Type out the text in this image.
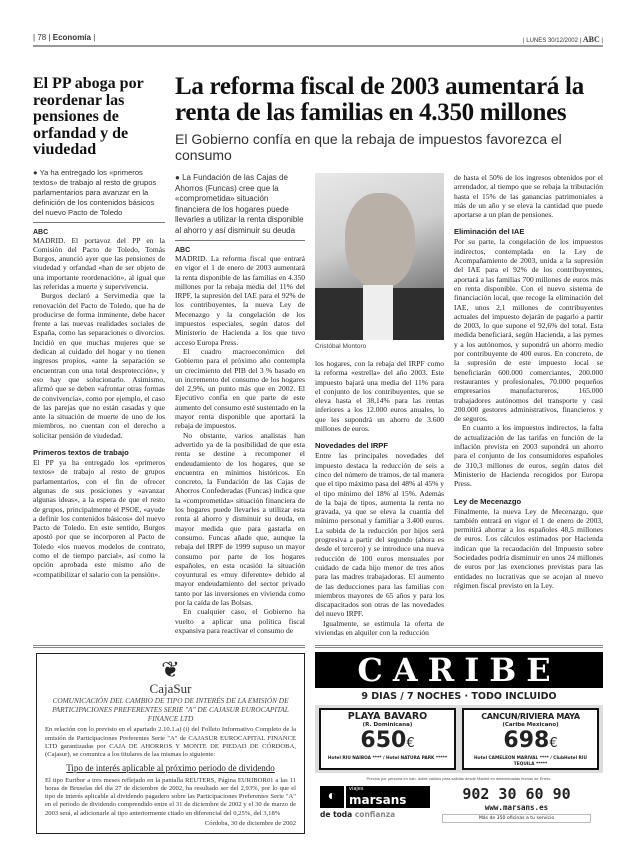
| 78 | Economía |	| LUNES 30/12/2002 | ABC |
El PP aboga por reordenar las pensiones de orfandad y de viudedad
● Ya ha entregado los «primeros textos» de trabajo al resto de grupos parlamentarios para avanzar en la definición de los contenidos básicos del nuevo Pacto de Toledo
ABC

MADRID. El portavoz del PP en la Comisión del Pacto de Toledo, Tomás Burgos, anunció ayer que las pensiones de viudedad y orfandad «han de ser objeto de una importante reordenación», al igual que las referidas a muerte y supervivencia.

Burgos declaró a Servimedia que la renovación del Pacto de Toledo, que ha de producirse de forma inminente, debe hacer frente a las nuevas realidades sociales de España, como las separaciones o divorcios. Incidió en que muchas mujeres que se dedican al cuidado del hogar y no tienen ingresos propios, «ante la separación se encuentran con una total desprotección», y eso hay que solucionarlo. Asimismo, afirmó que se deben «afrontar otras formas de convivencia», como por ejemplo, el caso de las parejas que no están casadas y que ante la situación de muerte de uno de los miembros, no cuentan con el derecho a solicitar pensión de viudedad.

Primeros textos de trabajo

El PP ya ha entregado los «primeros textos» de trabajo al resto de grupos parlamentarios, con el fin de ofrecer algunas de sus posiciones y «avanzar algunas ideas», a la espera de que el resto de grupos, principalmente el PSOE, «ayude a definir los contenidos básicos» del nuevo Pacto de Toledo. En este sentido, Burgos apostó por que se incorporen al Pacto de Toledo «los nuevos modelos de contrato, como el de tiempo parcial», así como la opción aprobada este mismo año de «compatibilizar el salario con la pensión».

La reforma fiscal de 2003 aumentará la renta de las familias en 4.350 millones
El Gobierno confía en que la rebaja de impuestos favorezca el consumo
● La Fundación de las Cajas de Ahorros (Funcas) cree que la «comprometida» situación financiera de los hogares puede llevarles a utilizar la renta disponible al ahorro y así disminuir su deuda
ABC

MADRID. La reforma fiscal que entrará en vigor el 1 de enero de 2003 aumentará la renta disponible de las familias en 4.350 millones por la rebaja media del 11% del IRPF, la supresión del IAE para el 92% de los contribuyentes, la nueva Ley de Mecenazgo y la congelación de los impuestos especiales, según datos del Ministerio de Hacienda a los que tuvo acceso Europa Press.

El cuadro macroeconómico del Gobierno para el próximo año contempla un crecimiento del PIB del 3 % basado en un incremento del consumo de los hogares del 2,9%, un punto más que en 2002. El Ejecutivo confía en que parte de este aumento del consumo esté sustentado en la mayor renta disponible que aportará la rebaja de impuestos.

No obstante, varios analistas han advertido ya de la posibilidad de que esta renta se destine a recomponer el endeudamiento de los hogares, que se encuentra en mínimos históricos. En concreto, la Fundación de las Cajas de Ahorros Confederadas (Funcas) indica que la «comprometida» situación financiera de los hogares puede llevarles a utilizar esta renta al ahorro y disminuir su deuda, en mayor medida que para gastarla en consumo. Funcas añade que, aunque la rebaja del IRPF de 1999 supuso un mayor consumo por parte de los hogares españoles, en esta ocasión la situación coyuntural es «muy diferente» debido al mayor endeudamiento del sector privado tanto por las inversiones en vivienda como por la caída de las Bolsas.

En cualquier caso, el Gobierno ha vuelto a aplicar una política fiscal expansiva para reactivar el consumo de

Cristóbal Montoro

los hogares, con la rebaja del IRPF como la reforma «estrella» del año 2003. Este impuesto bajará una media del 11% para el conjunto de los contribuyentes, que se eleva hasta el 38,14% para las rentas inferiores a los 12.000 euros anuales, lo que les supondrá un ahorro de 3.600 millones de euros.

Novedades del IRPF

Entre las principales novedades del impuesto destaca la reducción de seis a cinco del número de tramos, de tal manera que el tipo máximo pasa del 48% al 45% y el tipo mínimo del 18% al 15%. Además de la baja de tipos, aumenta la renta no gravada, ya que se eleva la cuantía del mínimo personal y familiar a 3.400 euros. La subida de la reducción por hijos será progresiva a partir del segundo (ahora es desde el tercero) y se introduce una nueva reducción de 100 euros mensuales por cuidado de cada hijo menor de tres años para las madres trabajadoras. El aumento de las deducciones para las familias con miembros mayores de 65 años y para los discapacitados son otras de las novedades del nuevo IRPF.

Igualmente, se estimula la oferta de viviendas en alquiler con la reducción

de hasta el 50% de los ingresos obtenidos por el arrendador, al tiempo que se rebaja la tributación hasta el 15% de las ganancias patrimoniales a más de un año y se eleva la cantidad que puede aportarse a un plan de pensiones.

Eliminación del IAE

Por su parte, la congelación de los impuestos indirectos, contemplada en la Ley de Acompañamiento de 2003, unida a la supresión del IAE para el 92% de los contribuyentes, aportará a las familias 700 millones de euros más en renta disponible. Con el nuevo sistema de financiación local, que recoge la eliminación del IAE, unos 2,1 millones de contribuyentes actuales del impuesto dejarán de pagarlo a partir de 2003, lo que supone el 92,6% del total. Esta medida beneficiará, según Hacienda, a las pymes y a los autónomos, y supondrá un ahorro medio por contribuyente de 400 euros. En concreto, de la supresión de este impuesto local se beneficiarán 600.000 comerciantes, 200.000 restaurantes y profesionales, 70.000 pequeños empresarios manufactureros, 165.000 trabajadores autónomos del transporte y casi 200.000 gestores administrativos, financieros y de seguros.

En cuanto a los impuestos indirectos, la falta de actualización de las tarifas en función de la inflación prevista en 2003 supondrá un ahorro para el conjunto de los consumidores españoles de 310,3 millones de euros, según datos del Ministerio de Hacienda recogidos por Europa Press.

Ley de Mecenazgo

Finalmente, la nueva Ley de Mecenazgo, que también entrará en vigor el 1 de enero de 2003, permitirá ahorrar a los españoles 48,5 millones de euros. Los cálculos estimados por Hacienda indican que la recaudación del Impuesto sobre Sociedades podría disminuir en unos 24 millones de euros por las exenciones previstas para las entidades no lucrativas que se acojan al nuevo régimen fiscal previsto en la Ley.

❦
CajaSur
COMUNICACIÓN DEL CAMBIO DE TIPO DE INTERÉS DE LA EMISIÓN DE PARTICIPACIONES PREFERENTES SERIE "A" DE CAJASUR EUROCAPITAL FINANCE LTD
En relación con lo previsto en el apartado 2.10.1.a) (i) del Folleto Informativo Completo de la emisión de Participaciones Preferentes Serie "A" de CAJASUR EUROCAPITAL FINANCE LTD garantizadas por CAJA DE AHORROS Y MONTE DE PIEDAD DE CÓRDOBA, (Cajasur), se comunica a los titulares de las mismas lo siguiente:
Tipo de interés aplicable al próximo periodo de dividendo
El tipo Euribor a tres meses reflejado en la pantalla REUTERS, Página EURIBOR01 a las 11 horas de Bruselas del día 27 de diciembre de 2002, ha resultado ser del 2,93%, por lo que el tipo de interés aplicable al dividendo pagadero sobre las Participaciones Preferentes Serie "A" en el periodo de dividendo comprendido entre el 31 de diciembre de 2002 y el 30 de marzo de 2003 será, al adicionarle al tipo anteriormente citado un diferencial del 0,25%, del 3,18%
Córdoba, 30 de diciembre de 2002
CARIBE
9 DIAS / 7 NOCHES · TODO INCLUIDO
PLAYA BAVARO
(R. Dominicana)
650€
Hotel RIU NAIBOA **** / Hotel NATURA PARK *****
CANCUN/RIVIERA MAYA
(Caribe Mexicano)
698€
Hotel CAMELEON MARIVAL **** / ClubHotel RIU TEQUILA *****
Precios por persona en hab. doble válidos para salidas desde Madrid en determinadas fechas de Enero.
◐	viajes
marsans
de toda confianza
902 30 60 90
www.marsans.es
Más de 350 oficinas a tu servicio
